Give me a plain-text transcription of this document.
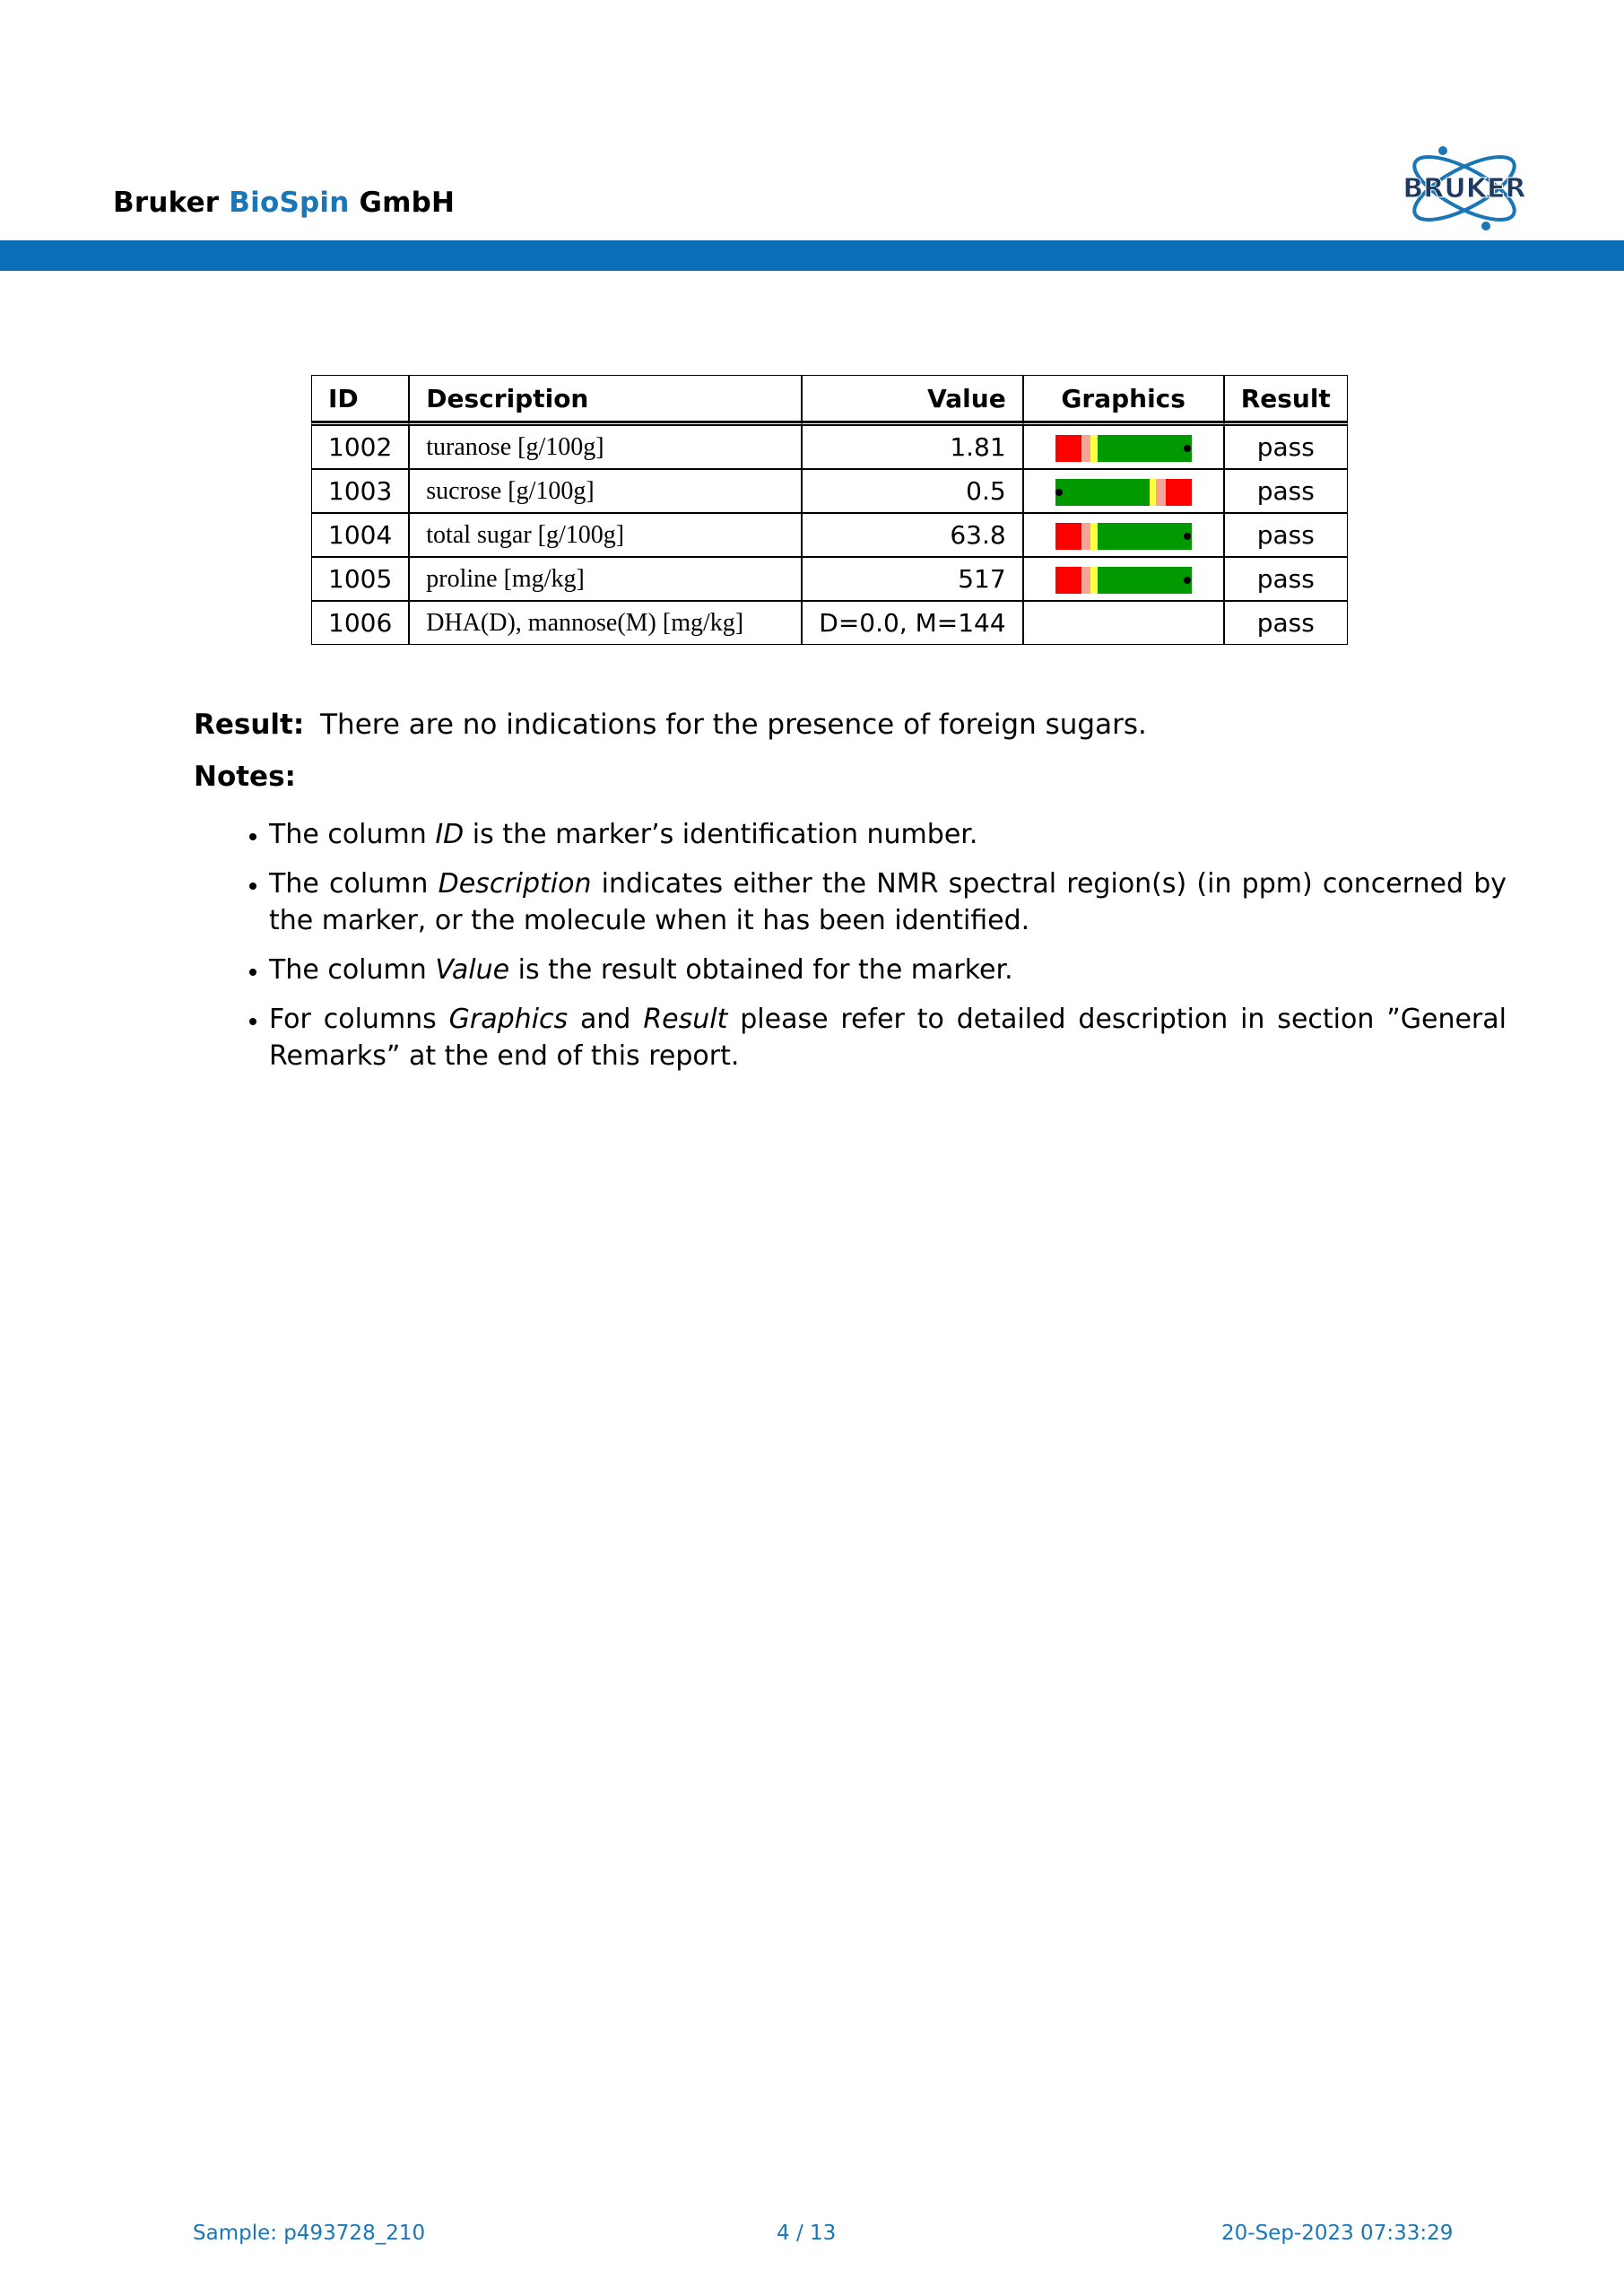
Bruker BioSpin GmbH	BRUKER
ID	Description	Value	Graphics	Result
1002	turanose [g/100g]	1.81		pass
1003	sucrose [g/100g]	0.5		pass
1004	total sugar [g/100g]	63.8		pass
1005	proline [mg/kg]	517		pass
1006	DHA(D), mannose(M) [mg/kg]	D=0.0, M=144		pass
Result: There are no indications for the presence of foreign sugars.
Notes:
• The column ID is the marker’s identification number.
• The column Description indicates either the NMR spectral region(s) (in ppm) concerned by the marker, or the molecule when it has been identified.
• The column Value is the result obtained for the marker.
• For columns Graphics and Result please refer to detailed description in section ”General Remarks” at the end of this report.
Sample: p493728_210	4 / 13	20-Sep-2023 07:33:29
